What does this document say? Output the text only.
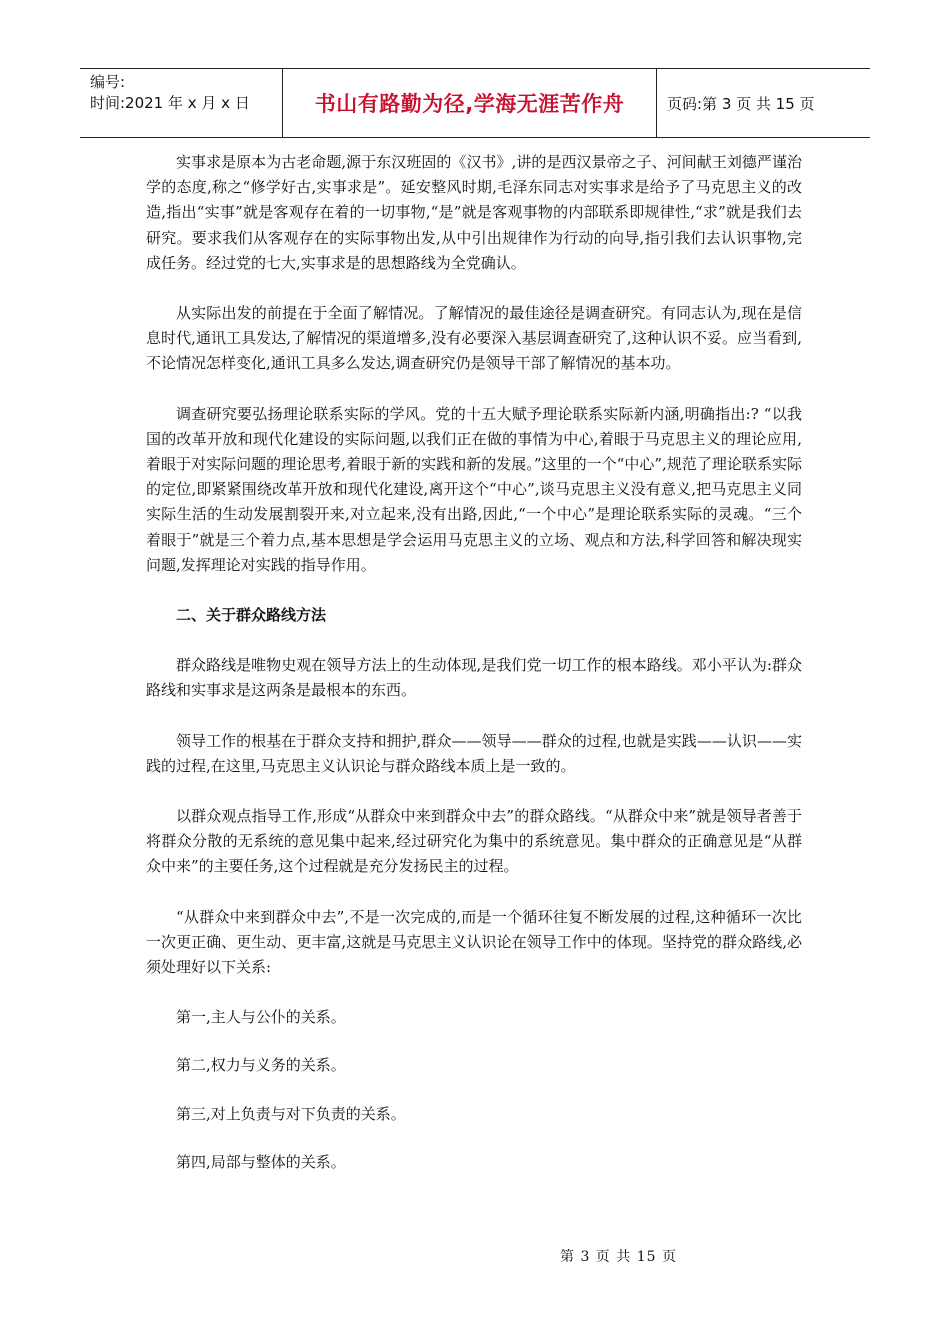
编号:
时间:2021 年 x 月 x 日	书山有路勤为径,学海无涯苦作舟	页码:第 3 页 共 15 页

实事求是原本为古老命题,源于东汉班固的《汉书》,讲的是西汉景帝之子、河间献王刘德严谨治学的态度,称之“修学好古,实事求是”。延安整风时期,毛泽东同志对实事求是给予了马克思主义的改造,指出“实事”就是客观存在着的一切事物,“是”就是客观事物的内部联系即规律性,“求”就是我们去研究。要求我们从客观存在的实际事物出发,从中引出规律作为行动的向导,指引我们去认识事物,完成任务。经过党的七大,实事求是的思想路线为全党确认。

从实际出发的前提在于全面了解情况。了解情况的最佳途径是调查研究。有同志认为,现在是信息时代,通讯工具发达,了解情况的渠道增多,没有必要深入基层调查研究了,这种认识不妥。应当看到,不论情况怎样变化,通讯工具多么发达,调查研究仍是领导干部了解情况的基本功。

调查研究要弘扬理论联系实际的学风。党的十五大赋予理论联系实际新内涵,明确指出:? “以我国的改革开放和现代化建设的实际问题,以我们正在做的事情为中心,着眼于马克思主义的理论应用,着眼于对实际问题的理论思考,着眼于新的实践和新的发展。”这里的一个“中心”,规范了理论联系实际的定位,即紧紧围绕改革开放和现代化建设,离开这个“中心”,谈马克思主义没有意义,把马克思主义同实际生活的生动发展割裂开来,对立起来,没有出路,因此,“一个中心”是理论联系实际的灵魂。“三个着眼于”就是三个着力点,基本思想是学会运用马克思主义的立场、观点和方法,科学回答和解决现实问题,发挥理论对实践的指导作用。

二、关于群众路线方法

群众路线是唯物史观在领导方法上的生动体现,是我们党一切工作的根本路线。邓小平认为:群众路线和实事求是这两条是最根本的东西。

领导工作的根基在于群众支持和拥护,群众——领导——群众的过程,也就是实践——认识——实践的过程,在这里,马克思主义认识论与群众路线本质上是一致的。

以群众观点指导工作,形成“从群众中来到群众中去”的群众路线。“从群众中来”就是领导者善于将群众分散的无系统的意见集中起来,经过研究化为集中的系统意见。集中群众的正确意见是“从群众中来”的主要任务,这个过程就是充分发扬民主的过程。

“从群众中来到群众中去”,不是一次完成的,而是一个循环往复不断发展的过程,这种循环一次比一次更正确、更生动、更丰富,这就是马克思主义认识论在领导工作中的体现。坚持党的群众路线,必须处理好以下关系:

第一,主人与公仆的关系。

第二,权力与义务的关系。

第三,对上负责与对下负责的关系。

第四,局部与整体的关系。

第 3 页 共 15 页
